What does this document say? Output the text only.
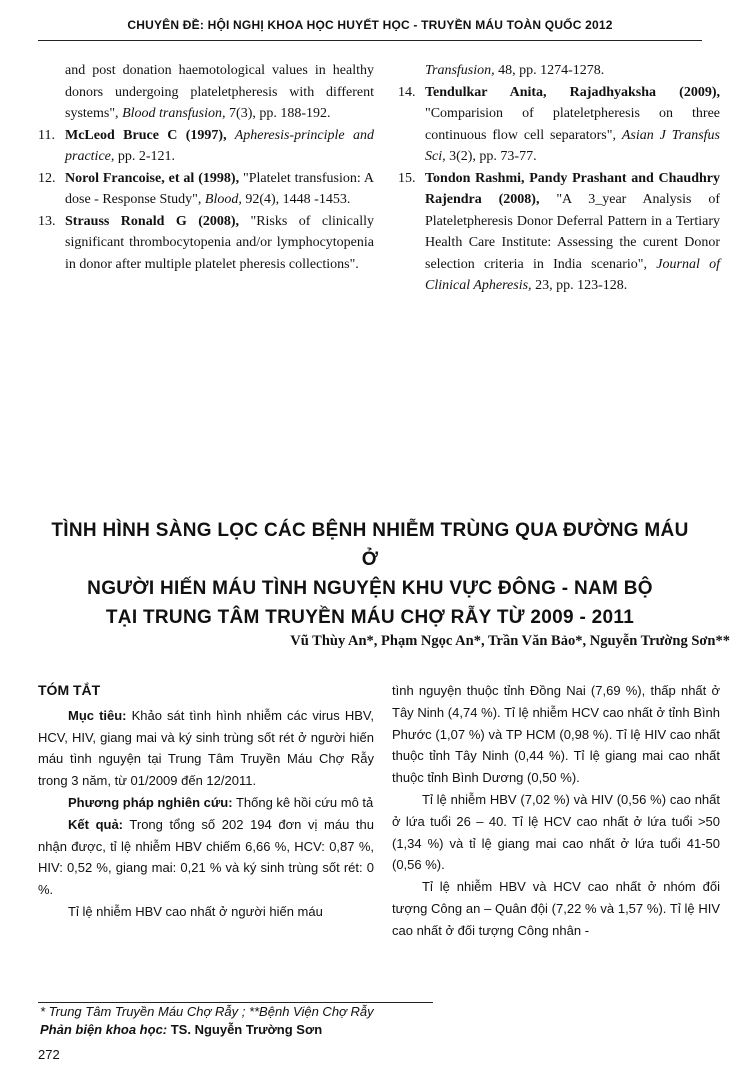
CHUYÊN ĐỀ: HỘI NGHỊ KHOA HỌC HUYẾT HỌC - TRUYỀN MÁU TOÀN QUỐC 2012

and post donation haemotological values in healthy donors undergoing plateletpheresis with different systems", Blood transfusion, 7(3), pp. 188-192.

11. McLeod Bruce C (1997), Apheresis-principle and practice, pp. 2-121.

12. Norol Francoise, et al (1998), "Platelet transfusion: A dose - Response Study", Blood, 92(4), 1448 -1453.

13. Strauss Ronald G (2008), "Risks of clinically significant thrombocytopenia and/or lymphocytopenia in donor after multiple platelet pheresis collections".

Transfusion, 48, pp. 1274-1278.

14. Tendulkar Anita, Rajadhyaksha (2009), "Comparision of plateletpheresis on three continuous flow cell separators", Asian J Transfus Sci, 3(2), pp. 73-77.

15. Tondon Rashmi, Pandy Prashant and Chaudhry Rajendra (2008), "A 3_year Analysis of Plateletpheresis Donor Deferral Pattern in a Tertiary Health Care Institute: Assessing the curent Donor selection criteria in India scenario", Journal of Clinical Apheresis, 23, pp. 123-128.

TÌNH HÌNH SÀNG LỌC CÁC BỆNH NHIỄM TRÙNG QUA ĐƯỜNG MÁU Ở
NGƯỜI HIẾN MÁU TÌNH NGUYỆN KHU VỰC ĐÔNG - NAM BỘ
TẠI TRUNG TÂM TRUYỀN MÁU CHỢ RẪY TỪ 2009 - 2011
Vũ Thùy An*, Phạm Ngọc An*, Trần Văn Bảo*, Nguyễn Trường Sơn**
TÓM TẮT

Mục tiêu: Khảo sát tình hình nhiễm các virus HBV, HCV, HIV, giang mai và ký sinh trùng sốt rét ở người hiến máu tình nguyện tại Trung Tâm Truyền Máu Chợ Rẫy trong 3 năm, từ 01/2009 đến 12/2011.

Phương pháp nghiên cứu: Thống kê hồi cứu mô tả

Kết quả: Trong tổng số 202 194 đơn vị máu thu nhận được, tỉ lệ nhiễm HBV chiếm 6,66 %, HCV: 0,87 %, HIV: 0,52 %, giang mai: 0,21 % và ký sinh trùng sốt rét: 0 %.

Tỉ lệ nhiễm HBV cao nhất ở người hiến máu

tình nguyện thuộc tỉnh Đồng Nai (7,69 %), thấp nhất ở Tây Ninh (4,74 %). Tỉ lệ nhiễm HCV cao nhất ở tỉnh Bình Phước (1,07 %) và TP HCM (0,98 %). Tỉ lệ HIV cao nhất thuộc tỉnh Tây Ninh (0,44 %). Tỉ lệ giang mai cao nhất thuộc tỉnh Bình Dương (0,50 %).

Tỉ lệ nhiễm HBV (7,02 %) và HIV (0,56 %) cao nhất ở lứa tuổi 26 – 40. Tỉ lệ HCV cao nhất ở lứa tuổi >50 (1,34 %) và tỉ lệ giang mai cao nhất ở lứa tuổi 41-50 (0,56 %).

Tỉ lệ nhiễm HBV và HCV cao nhất ở nhóm đối tượng Công an – Quân đội (7,22 % và 1,57 %). Tỉ lệ HIV cao nhất ở đối tượng Công nhân -

* Trung Tâm Truyền Máu Chợ Rẫy ; **Bệnh Viện Chợ Rẫy
Phản biện khoa học: TS. Nguyễn Trường Sơn
272
